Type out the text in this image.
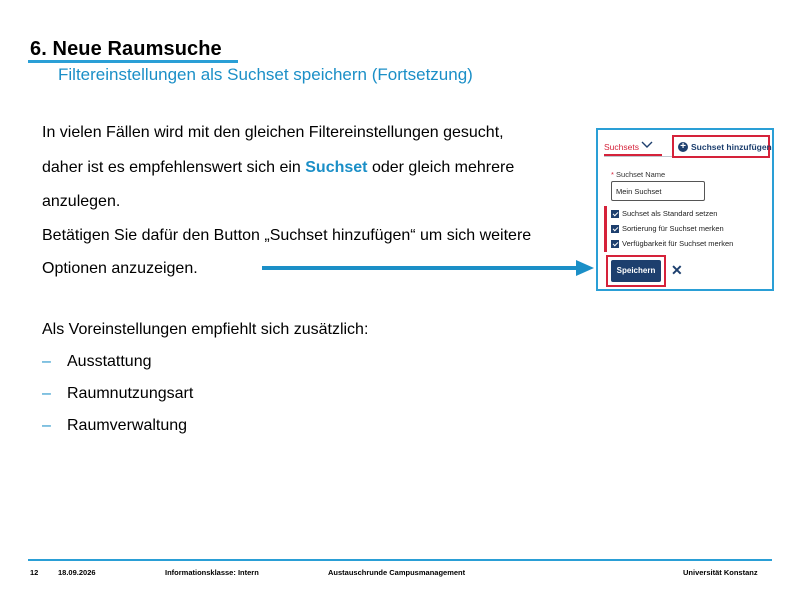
6. Neue Raumsuche
Filtereinstellungen als Suchset speichern (Fortsetzung)
In vielen Fällen wird mit den gleichen Filtereinstellungen gesucht,
daher ist es empfehlenswert sich ein Suchset oder gleich mehrere
anzulegen.
Betätigen Sie dafür den Button „Suchset hinzufügen“ um sich weitere
Optionen anzuzeigen.
Als Voreinstellungen empfiehlt sich zusätzlich:
– Ausstattung
– Raumnutzungsart
– Raumverwaltung
Suchsets	+ Suchset hinzufügen
* Suchset Name
Mein Suchset
Suchset als Standard setzen
Sortierung für Suchset merken
Verfügbarkeit für Suchset merken
Speichern	✕
12	18.09.2026	Informationsklasse: Intern	Austauschrunde Campusmanagement	Universität Konstanz
